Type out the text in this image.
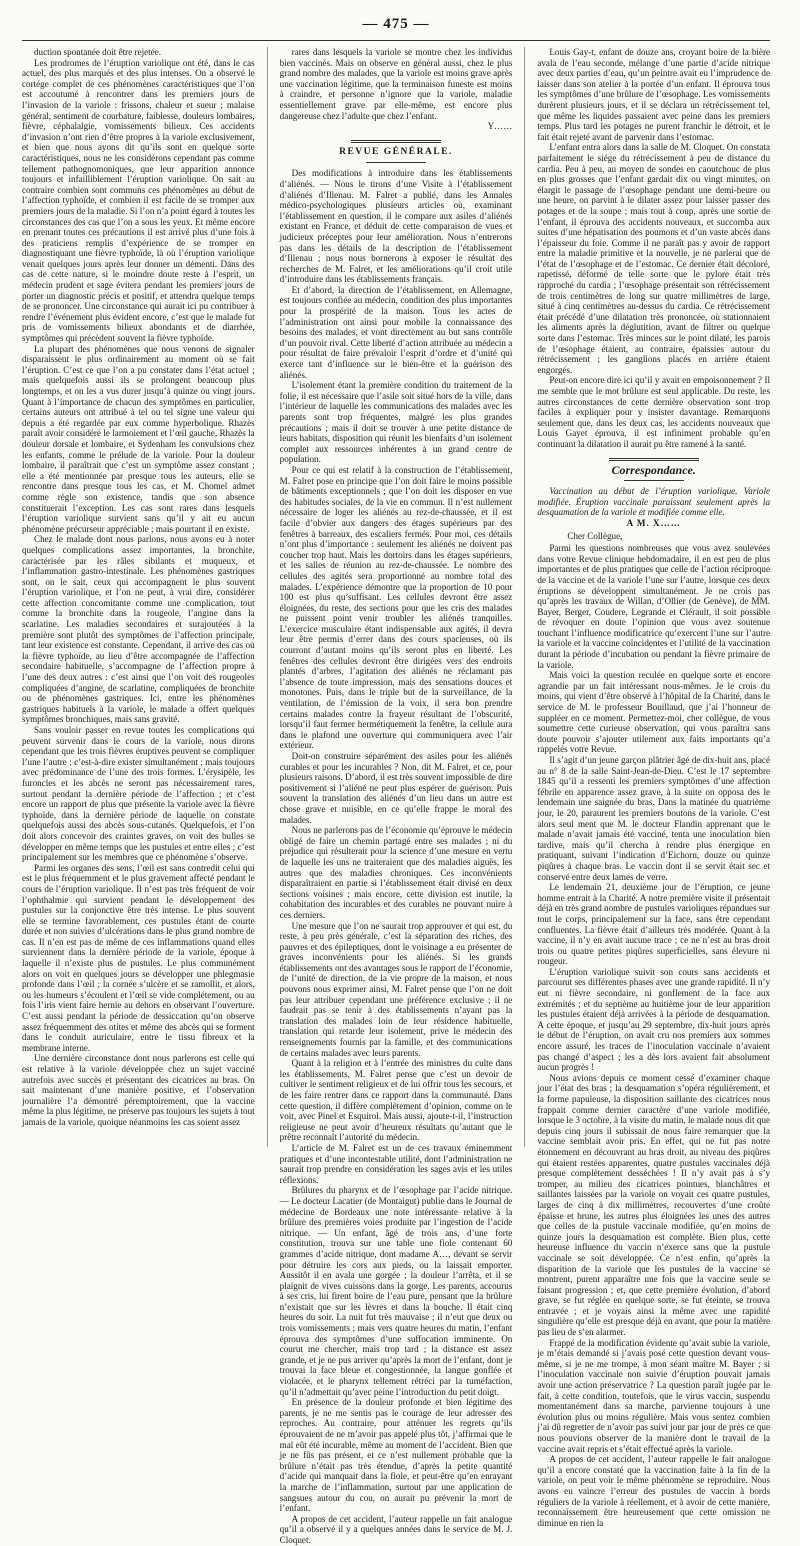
— 475 —

duction spontanée doit être rejetée.

Les prodromes de l’éruption variolique ont été, dans le cas actuel, des plus marqués et des plus intenses. On a observé le cortége complet de ces phénomènes caractéristiques que l’on est accoutumé à rencontrer dans les premiers jours de l’invasion de la variole : frissons, chaleur et sueur ; malaise général, sentiment de courbature, faiblesse, douleurs lombaires, fièvre, céphalalgie, vomissements bilieux. Ces accidents d’invasion n’ont rien d’être propres à la variole exclusivement, et bien que nous ayons dit qu’ils sont en quelque sorte caractéristiques, nous ne les considérons cependant pas comme tellement pathognomoniques, que leur apparition annonce toujours et infailliblement l’éruption variolique. On sait au contraire combien sont communs ces phénomènes au début de l’affection typhoïde, et combien il est facile de se tromper aux premiers jours de la maladie. Si l’on n’a point égard à toutes les circonstances des cas que l’on a sous les yeux. Et même encore en prenant toutes ces précautions il est arrivé plus d’une fois à des praticiens remplis d’expérience de se tromper en diagnostiquant une fièvre typhoïde, là où l’éruption variolique venait quelques jours après leur donner un démenti. Dans des cas de cette nature, si le moindre doute reste à l’esprit, un médecin prudent et sage évitera pendant les premiers jours de porter un diagnostic précis et positif, et attendra quelque temps de se prononcer. Une circonstance qui aurait ici pu contribuer à rendre l’événement plus évident encore, c’est que le malade fut pris de vomissements bilieux abondants et de diarrhée, symptômes qui précèdent souvent la fièvre typhoïde.

La plupart des phénomènes que nous venons de signaler disparaissent le plus ordinairement au moment où se fait l’éruption. C’est ce que l’on a pu constater dans l’état actuel ; mais quelquefois aussi ils se prolongent beaucoup plus longtemps, et on les a vus durer jusqu’à quinze ou vingt jours. Quant à l’importance de chacun des symptômes en particulier, certains auteurs ont attribué à tel ou tel signe une valeur qui depuis a été regardée par eux comme hyperbolique. Rhazès paraît avoir considéré le larmoiement et l’œil gauche, Rhazès la douleur dorsale et lombaire, et Sydenham les convulsions chez les enfants, comme le prélude de la variole. Pour la douleur lombaire, il paraîtrait que c’est un symptôme assez constant ; elle a été mentionnée par presque tous les auteurs, elle se rencontre dans presque tous les cas, et M. Chomel admet comme règle son existence, tandis que son absence constituerait l’exception. Les cas sont rares dans lesquels l’éruption variolique survient sans qu’il y ait eu aucun phénomène précurseur appréciable ; mais pourtant il en existe.

Chez le malade dont nous parlons, nous avons eu à noter quelques complications assez importantes, la bronchite, caractérisée par les râles sibilants et muqueux, et l’inflammation gastro-intestinale. Les phénomènes gastriques sont, on le sait, ceux qui accompagnent le plus souvent l’éruption variolique, et l’on ne peut, à vrai dire, considérer cette affection concomitante comme une complication, tout comme la bronchite dans la rougeole, l’angine dans la scarlatine. Les maladies secondaires et surajoutées à la première sont plutôt des symptômes de l’affection principale, tant leur existence est constante. Cependant, il arrive des cas où la fièvre typhoïde, au lieu d’être accompagnée de l’affection secondaire habituelle, s’accompagne de l’affection propre à l’une des deux autres : c’est ainsi que l’on voit des rougeoles compliquées d’angine, de scarlatine, compliquées de bronchite ou de phénomènes gastriques. Ici, entre les phénomènes gastriques habituels à la variole, le malade a offert quelques symptômes bronchiques, mais sans gravité.

Sans vouloir passer en revue toutes les complications qui peuvent survenir dans le cours de la variole, nous dirons cependant que les trois fièvres éruptives peuvent se compliquer l’une l’autre ; c’est-à-dire exister simultanément ; mais toujours avec prédominance de l’une des trois formes. L’érysipèle, les furoncles et les abcès ne seront pas nécessairement rares, surtout pendant la dernière période de l’affection ; et c’est encore un rapport de plus que présente la variole avec la fièvre typhoïde, dans la dernière période de laquelle on constate quelquefois aussi des abcès sous-cutanés. Quelquefois, et l’on doit alors concevoir des craintes graves, on voit des bulles se développer en même temps que les pustules et entre elles ; c’est principalement sur les membres que ce phénomène s’observe.

Parmi les organes des sens, l’œil est sans contredit celui qui est le plus fréquemment et le plus gravement affecté pendant le cours de l’éruption variolique. Il n’est pas très fréquent de voir l’ophthalmie qui survient pendant le développement des pustules sur la conjonctive être très intense. Le plus souvent elle se termine favorablement, ces pustules étant de courte durée et non suivies d’ulcérations dans le plus grand nombre de cas. Il n’en est pas de même de ces inflammations quand elles surviennent dans la dernière période de la variole, époque à laquelle il n’existe plus de pustules. Le plus communément alors on voit en quelques jours se développer une phlegmasie profonde dans l’œil ; la cornée s’ulcère et se ramollit, et alors, ou les humeurs s’écoulent et l’œil se vide complétement, ou au fois l’iris vient faire hernie au dehors en observant l’ouverture. C’est aussi pendant la période de dessiccation qu’on observe assez fréquemment des otites et même des abcès qui se forment dans le conduit auriculaire, entre le tissu fibreux et la membrane interne.

Une dernière circonstance dont nous parlerons est celle qui est relative à la variole développée chez un sujet vacciné autrefois avec succès et présentant des cicatrices au bras. On sait maintenant d’une manière positive, et l’observation journalière l’a démontré péremptoirement, que la vaccine même la plus légitime, ne préserve pas toujours les sujets à tout jamais de la variole, quoique néanmoins les cas soient assez

rares dans lesquels la variole se montre chez les individus bien vaccinés. Mais on observe en général aussi, chez le plus grand nombre des malades, que la variole est moins grave après une vaccination légitime, que la terminaison funeste est moins à craindre, et personne n’ignore que la variole, maladie essentiellement grave par elle-même, est encore plus dangereuse chez l’adulte que chez l’enfant.

Y……

REVUE GÉNÉRALE.

Des modifications à introduire dans les établissements d’aliénés. — Nous le tirons d’une Visite à l’établissement d’aliénés d’Illenau. M. Falret a publié, dans les Annales médico-psychologiques plusieurs articles où, examinant l’établissement en question, il le compare aux asiles d’aliénés existant en France, et déduit de cette comparaison de vues et judicieux préceptes pour leur amélioration. Nous n’entrerons pas dans les détails de la description de l’établissement d’Illenau ; nous nous bornerons à exposer le résultat des recherches de M. Falret, et les améliorations qu’il croit utile d’introduire dans les établissements français.

Et d’abord, la direction de l’établissement, en Allemagne, est toujours confiée au médecin, condition des plus importantes pour la prospérité de la maison. Tous les actes de l’administration ont ainsi pour mobile la connaissance des besoins des malades, et vont directement au but sans contrôle d’un pouvoir rival. Cette liberté d’action attribuée au médecin a pour résultat de faire prévaloir l’esprit d’ordre et d’unité qui exerce tant d’influence sur le bien-être et la guérison des aliénés.

L’isolement étant la première condition du traitement de la folie, il est nécessaire que l’asile soit situé hors de la ville, dans l’intérieur de laquelle les communications des malades avec les parents sont trop fréquentes, malgré les plus grandes précautions ; mais il doit se trouver à une petite distance de leurs habitats, disposition qui réunit les bienfaits d’un isolement complet aux ressources inhérentes à un grand centre de population.

Pour ce qui est relatif à la construction de l’établissement, M. Falret pose en principe que l’on doit faire le moins possible de bâtiments exceptionnels ; que l’on doit les disposer en vue des habitudes sociales, de la vie en commun. Il n’est nullement nécessaire de loger les aliénés au rez-de-chaussée, et il est facile d’obvier aux dangers des étages supérieurs par des fenêtres à barreaux, des escaliers fermés. Pour moi, ces détails n’ont plus d’importance : seulement les aliénés ne doivent pas coucher trop haut. Mais les dortoirs dans les étages supérieurs, et les salles de réunion au rez-de-chaussée. Le nombre des cellules des agités sera proportionné au nombre total des malades. L’expérience démontre que la proportion de 10 pour 100 est plus qu’suffisant. Les cellules devront être assez éloignées, du reste, des sections pour que les cris des malades ne puissent point venir troubler les aliénés tranquilles. L’exercice musculaire étant indispensable aux agités, il devra leur être permis d’errer dans des cours spacieuses, où ils courront d’autant moins qu’ils seront plus en liberté. Les fenêtres des cellules devront être dirigées vers des endroits plantés d’arbres, l’agitation des aliénés ne réclamant pas l’absence de toute impression, mais des sensations douces et monotones. Puis, dans le triple but de la surveillance, de la ventilation, de l’émission de la voix, il sera bon prendre certains malades contre la frayeur résultant de l’obscurité, lorsqu’il faut fermer hermétiquement la fenêtre, la cellule aura dans le plafond une ouverture qui communiquera avec l’air extérieur.

Doit-on construire séparément des asiles pour les aliénés curables et pour les incurables ? Non, dit M. Falret, et ce, pour plusieurs raisons. D’abord, il est très souvent impossible de dire positivement si l’aliéné ne peut plus espérer de guérison. Puis souvent la translation des aliénés d’un lieu dans un autre est chose grave et nuisible, en ce qu’elle frappe le moral des malades.

Nous ne parlerons pas de l’économie qu’éprouve le médecin obligé de faire un chemin partagé entre ses malades ; ni du préjudice qui résulterait pour la science d’une mesure en vertu de laquelle les uns ne traiteraient que des maladies aiguës, les autres que des maladies chroniques. Ces inconvénients disparaîtraient en partie si l’établissement était divisé en deux sections voisines ; mais encore, cette division est inutile, la cohabitation des incurables et des curables ne pouvant nuire à ces derniers.

Une mesure que l’on ne saurait trop approuver et qui est, du reste, à peu près générale, c’est la séparation des riches, des pauvres et des épileptiques, dont le voisinage a eu présenter de graves inconvénients pour les aliénés. Si les grands établissements ont des avantages sous le rapport de l’économie, de l’unité de direction, de la vie propre de la maison, et nous pouvons nous exprimer ainsi, M. Falret pense que l’on ne doit pas leur attribuer cependant une préférence exclusive ; il ne faudrait pas se tenir à des établissements n’ayant pas la translation des malades loin de leur résidence habituelle, translation qui retarde leur isolement, prive le médecin des renseignements fournis par la famille, et des communications de certains malades avec leurs parents.

Quant à la religion et à l’entrée des ministres du culte dans les établissements, M. Falret pense que c’est un devoir de cultiver le sentiment religieux et de lui offrir tous les secours, et de les faire rentrer dans ce rapport dans la communauté. Dans cette question, il diffère complètement d’opinion, comme on le voit, avec Pinel et Esquirol. Mais aussi, ajoute-t-il, l’instruction religieuse ne peut avoir d’heureux résultats qu’autant que le prêtre reconnaît l’autorité du médecin.

L’article de M. Falret est un de ces travaux éminemment pratiques et d’une incontestable utilité, dont l’administration ne saurait trop prendre en considération les sages avis et les utiles réflexions.

Brûlures du pharynx et de l’œsophage par l’acide nitrique. — Le docteur Lacatier (de Montaigut) publie dans le Journal de médecine de Bordeaux une note intéressante relative à la brûlure des premières voies produite par l’ingestion de l’acide nitrique. — Un enfant, âgé de trois ans, d’une forte constitution, trouva sur une table une fiole contenant 60 grammes d’acide nitrique, dont madame A…, devant se servir pour détruire les cors aux pieds, ou la laissait emporter. Aussitôt il en avala une gorgée ; la douleur l’arrêta, et il se plaignit de vives cuissons dans la gorge. Les parents, accourus à ses cris, lui firent boire de l’eau pure, pensant que la brûlure n’existait que sur les lèvres et dans la bouche. Il était cinq heures du soir. La nuit fut très mauvaise ; il n’eut que deux ou trois vomissements ; mais vers quatre heures du matin, l’enfant éprouva des symptômes d’une suffocation imminente. On courut me chercher, mais trop tard ; la distance est assez grande, et je ne pus arriver qu’après la mort de l’enfant, dont je trouvai la face bleue et congestionnée, la langue gonflée et violacée, et le pharynx tellement rétréci par la tuméfaction, qu’il n’admettait qu’avec peine l’introduction du petit doigt.

En présence de la douleur profonde et bien légitime des parents, je ne me sentis pas le courage de leur adresser des reproches. Au contraire, pour atténuer les regrets qu’ils éprouvaient de ne m’avoir pas appelé plus tôt, j’affirmai que le mal eût été incurable, même au moment de l’accident. Bien que je ne fûs pas présent, et ce n’est nullement probable que la brûlure n’était pas très étendue, d’après la petite quantité d’acide qui manquait dans la fiole, et peut-être qu’en enrayant la marche de l’inflammation, surtout par une application de sangsues autour du cou, on aurait pu prévenir la mort de l’enfant.

A propos de cet accident, l’auteur rappelle un fait analogue qu’il a observé il y a quelques années dans le service de M. J. Cloquet.

Louis Gay-t, enfant de douze ans, croyant boire de la bière avala de l’eau seconde, mélange d’une partie d’acide nitrique avec deux parties d’eau, qu’un peintre avait eu l’imprudence de laisser dans son atelier à la portée d’un enfant. Il éprouva tous les symptômes d’une brûlure de l’œsophage. Les vomissements durèrent plusieurs jours, et il se déclara un rétrécissement tel, que même les liquides passaient avec peine dans les premiers temps. Plus tard les potages ne purent franchir le détroit, et le fait était rejeté avant de parvenir dans l’estomac.

L’enfant entra alors dans la salle de M. Cloquet. On constata parfaitement le siége du rétrécissement à peu de distance du cardia. Peu à peu, au moyen de sondes en caoutchouc de plus en plus grosses que l’enfant gardait dix ou vingt minutes, on élargit le passage de l’œsophage pendant une demi-heure ou une heure, on parvint à le dilater assez pour laisser passer des potages et de la soupe ; mais tout à coup, après une sortie de l’enfant, il éprouva des accidents nouveaux, et succomba aux suites d’une hépatisation des poumons et d’un vaste abcès dans l’épaisseur du foie. Comme il ne paraît pas y avoir de rapport entre la maladie primitive et la nouvelle, je ne parlerai que de l’état de l’œsophage et de l’estomac. Ce dernier était décoloré, rapetissé, déformé de telle sorte que le pylore était très rapproché du cardia ; l’œsophage présentait son rétrécissement de trois centimètres de long sur quatre millimètres de large, situé à cinq centimètres au-dessus du cardia. Ce rétrécissement était précédé d’une dilatation très prononcée, où stationnaient les aliments après la déglutition, avant de filtrer ou quelque sorte dans l’estomac. Très minces sur le point dilaté, les parois de l’œsophage étaient, au contraire, épaissies autour du rétrécissement ; les ganglions placés en arrière étaient engorgés.

Peut-on encore dire ici qu’il y avait en empoisonnement ? Il me semble que le mot brûlure est seul applicable. Du reste, les autres circonstances de cette dernière observation sont trop faciles à expliquer pour y insister davantage. Remarquons seulement que, dans les deux cas, les accidents nouveaux que Louis Gayet éprouva, il est infiniment probable qu’en continuant la dilatation il aurait pu être ramené à la santé.

Correspondance.

Vaccination au début de l’éruption variolique. Variole modifiée. Éruption vaccinale paraissant seulement après la desquamation de la variole et modifiée comme elle.

A M. X……

Cher Collègue,

Parmi les questions nombreuses que vous avez soulevées dans votre Revue clinique hebdomadaire, il en est peu de plus importantes et de plus pratiques que celle de l’action réciproque de la vaccine et de la variole l’une sur l’autre, lorsque ces deux éruptions se développent simultanément. Je ne crois pas qu’après les travaux de Willan, d’Ollier (de Genève), de MM. Bayer, Berger, Coudere, Legrande et Clérault, il soit possible de révoquer en doute l’opinion que vous avez soutenue touchant l’influence modificatrice qu’exercent l’une sur l’autre la variole et la vaccine coïncidentes et l’utilité de la vaccination durant la période d’incubation ou pendant la fièvre primaire de la variole.

Mais voici la question reculée en quelque sorte et encore agrandie par un fait intéressant nous-mêmes. Je le crois du moins, qui vient d’être observé à l’hôpital de la Charité, dans le service de M. le professeur Bouillaud, que j’ai l’honneur de suppléer en ce moment. Permettez-moi, cher collègue, de vous soumettre cette curieuse observation, qui vous paraîtra sans doute pouvoir s’ajouter utilement aux faits importants qu’a rappelés votre Revue.

Il s’agit d’un jeune garçon plâtrier âgé de dix-huit ans, placé au n° 8 de la salle Saint-Jean-de-Dieu. C’est le 17 septembre 1845 qu’il a ressenti les premiers symptômes d’une affection fébrile en apparence assez grave, à la suite on opposa des le lendemain une saignée du bras. Dans la matinée du quatrième jour, le 20, paraurent les premiers boutons de la variole. C’est alors seul ment que M. le docteur Flandin apprenant que le malade n’avait jamais été vacciné, tenta une inoculation bien tardive, mais qu’il chercha à rendre plus énergique en pratiquant, suivant l’indication d’Eichorn, douze ou quinze piqûres à chaque bras. Le vaccin dont il se servit était sec et conservé entre deux lames de verre.

Le lendemain 21, deuxième jour de l’éruption, ce jeune homme entrait à la Charité. A notre première visite il présentait déjà en très grand nombre de pustules varioliques répandues sur tout le corps, principalement sur la face, sans être cependant confluentes. La fièvre était d’ailleurs très modérée. Quant à la vaccine, il n’y en avait aucune trace ; ce ne n’est au bras droit trois ou quatre petites piqûres superficielles, sans élevure ni rougeur.

L’éruption variolique suivit son cours sans accidents et parcourut ses différentes phases avec une grande rapidité. Il n’y eut ni fièvre secondaire, ni gonflement de la face aux extrémités ; et du septième au huitième jour de leur apparition les pustules étaient déjà arrivées à la période de desquamation. A cette époque, et jusqu’au 29 septembre, dix-huit jours après le début de l’éruption, on avait cru nos premiers aux sommes encore assuré, les traces de l’inoculation vaccinale n’avaient pas changé d’aspect ; les a dès lors avaient fait absolument aucun progrès !

Nous avions depuis ce moment cessé d’examiner chaque jour l’état des bras ; la desquamation s’opéra régulièrement, et la forme papuleuse, la disposition saillante des cicatrices nous frappait comme dernier caractère d’une variole modifiée, lorsque le 3 octobre, à la visite du matin, le malade nous dit que depuis cinq jours il subissait de nous faire remarquer que la vaccine semblait avoir pris. En effet, qui ne fut pas notre étonnement en découvrant au bras droit, au niveau des piqûres qui étaient restées apparentes, quatre pustules vaccinales déjà presque complètement desséchées ! Il n’y avait pas à s’y tromper, au milieu des cicatrices pointues, blanchâtres et saillantes laissées par la variole on voyait ces quatre pustules, larges de cinq à dix millimètres, recouvertes d’une croûte épaisse et brune, les autres plus éloignées les unes des autres que celles de la pustule vaccinale modifiée, qu’en moins de quinze jours la desquamation est complète. Bien plus, cette heureuse influence du vaccin n’exerce sans que la pustule vaccinale se soit développée. Ce n’est enfin, qu’après la disparition de la variole que les pustules de la vaccine se montrent, purent apparaître une fois que la vaccine seule se faisant progression ; et, que cette première évolution, d’abord grave, se fut réglée en quelque sorte, se fut éteinte, se trouva entravée ; et je voyais ainsi la même avec une rapidité singulière qu’elle est presque déjà en avant, que pour la matière pas lieu de s’en alarmer.

Frappé de la modification évidente qu’avait subie la variole, je m’étais demandé si j’avais posé cette question devant vous-même, si je ne me trompe, à mon séant maître M. Bayer ; si l’inoculation vaccinale non suivie d’éruption pouvait jamais avoir une action préservatrice ? La question paraît jugée par le fait, à cette condition, toutefois, que le virus vaccin, suspendu momentanément dans sa marche, parvienne toujours à une évolution plus ou moins régulière. Mais vous sentez combien j’ai dû regretter de n’avoir pas suivi jour par jour de près ce que nous pouvions observer de la manière dont le travail de la vaccine avait repris et s’était effectué après la variole.

A propos de cet accident, l’auteur rappelle le fait analogue qu’il a encore constaté que la vaccination faite à la fin de la variole, on peut voir le même phénomène se reproduire. Nous avons eu vaincre l’erreur des pustules de vaccin à bords réguliers de la variole à réellement, et à avoir de cette manière, reconnaissement être heureusement que cette omission ne diminue en rien la
